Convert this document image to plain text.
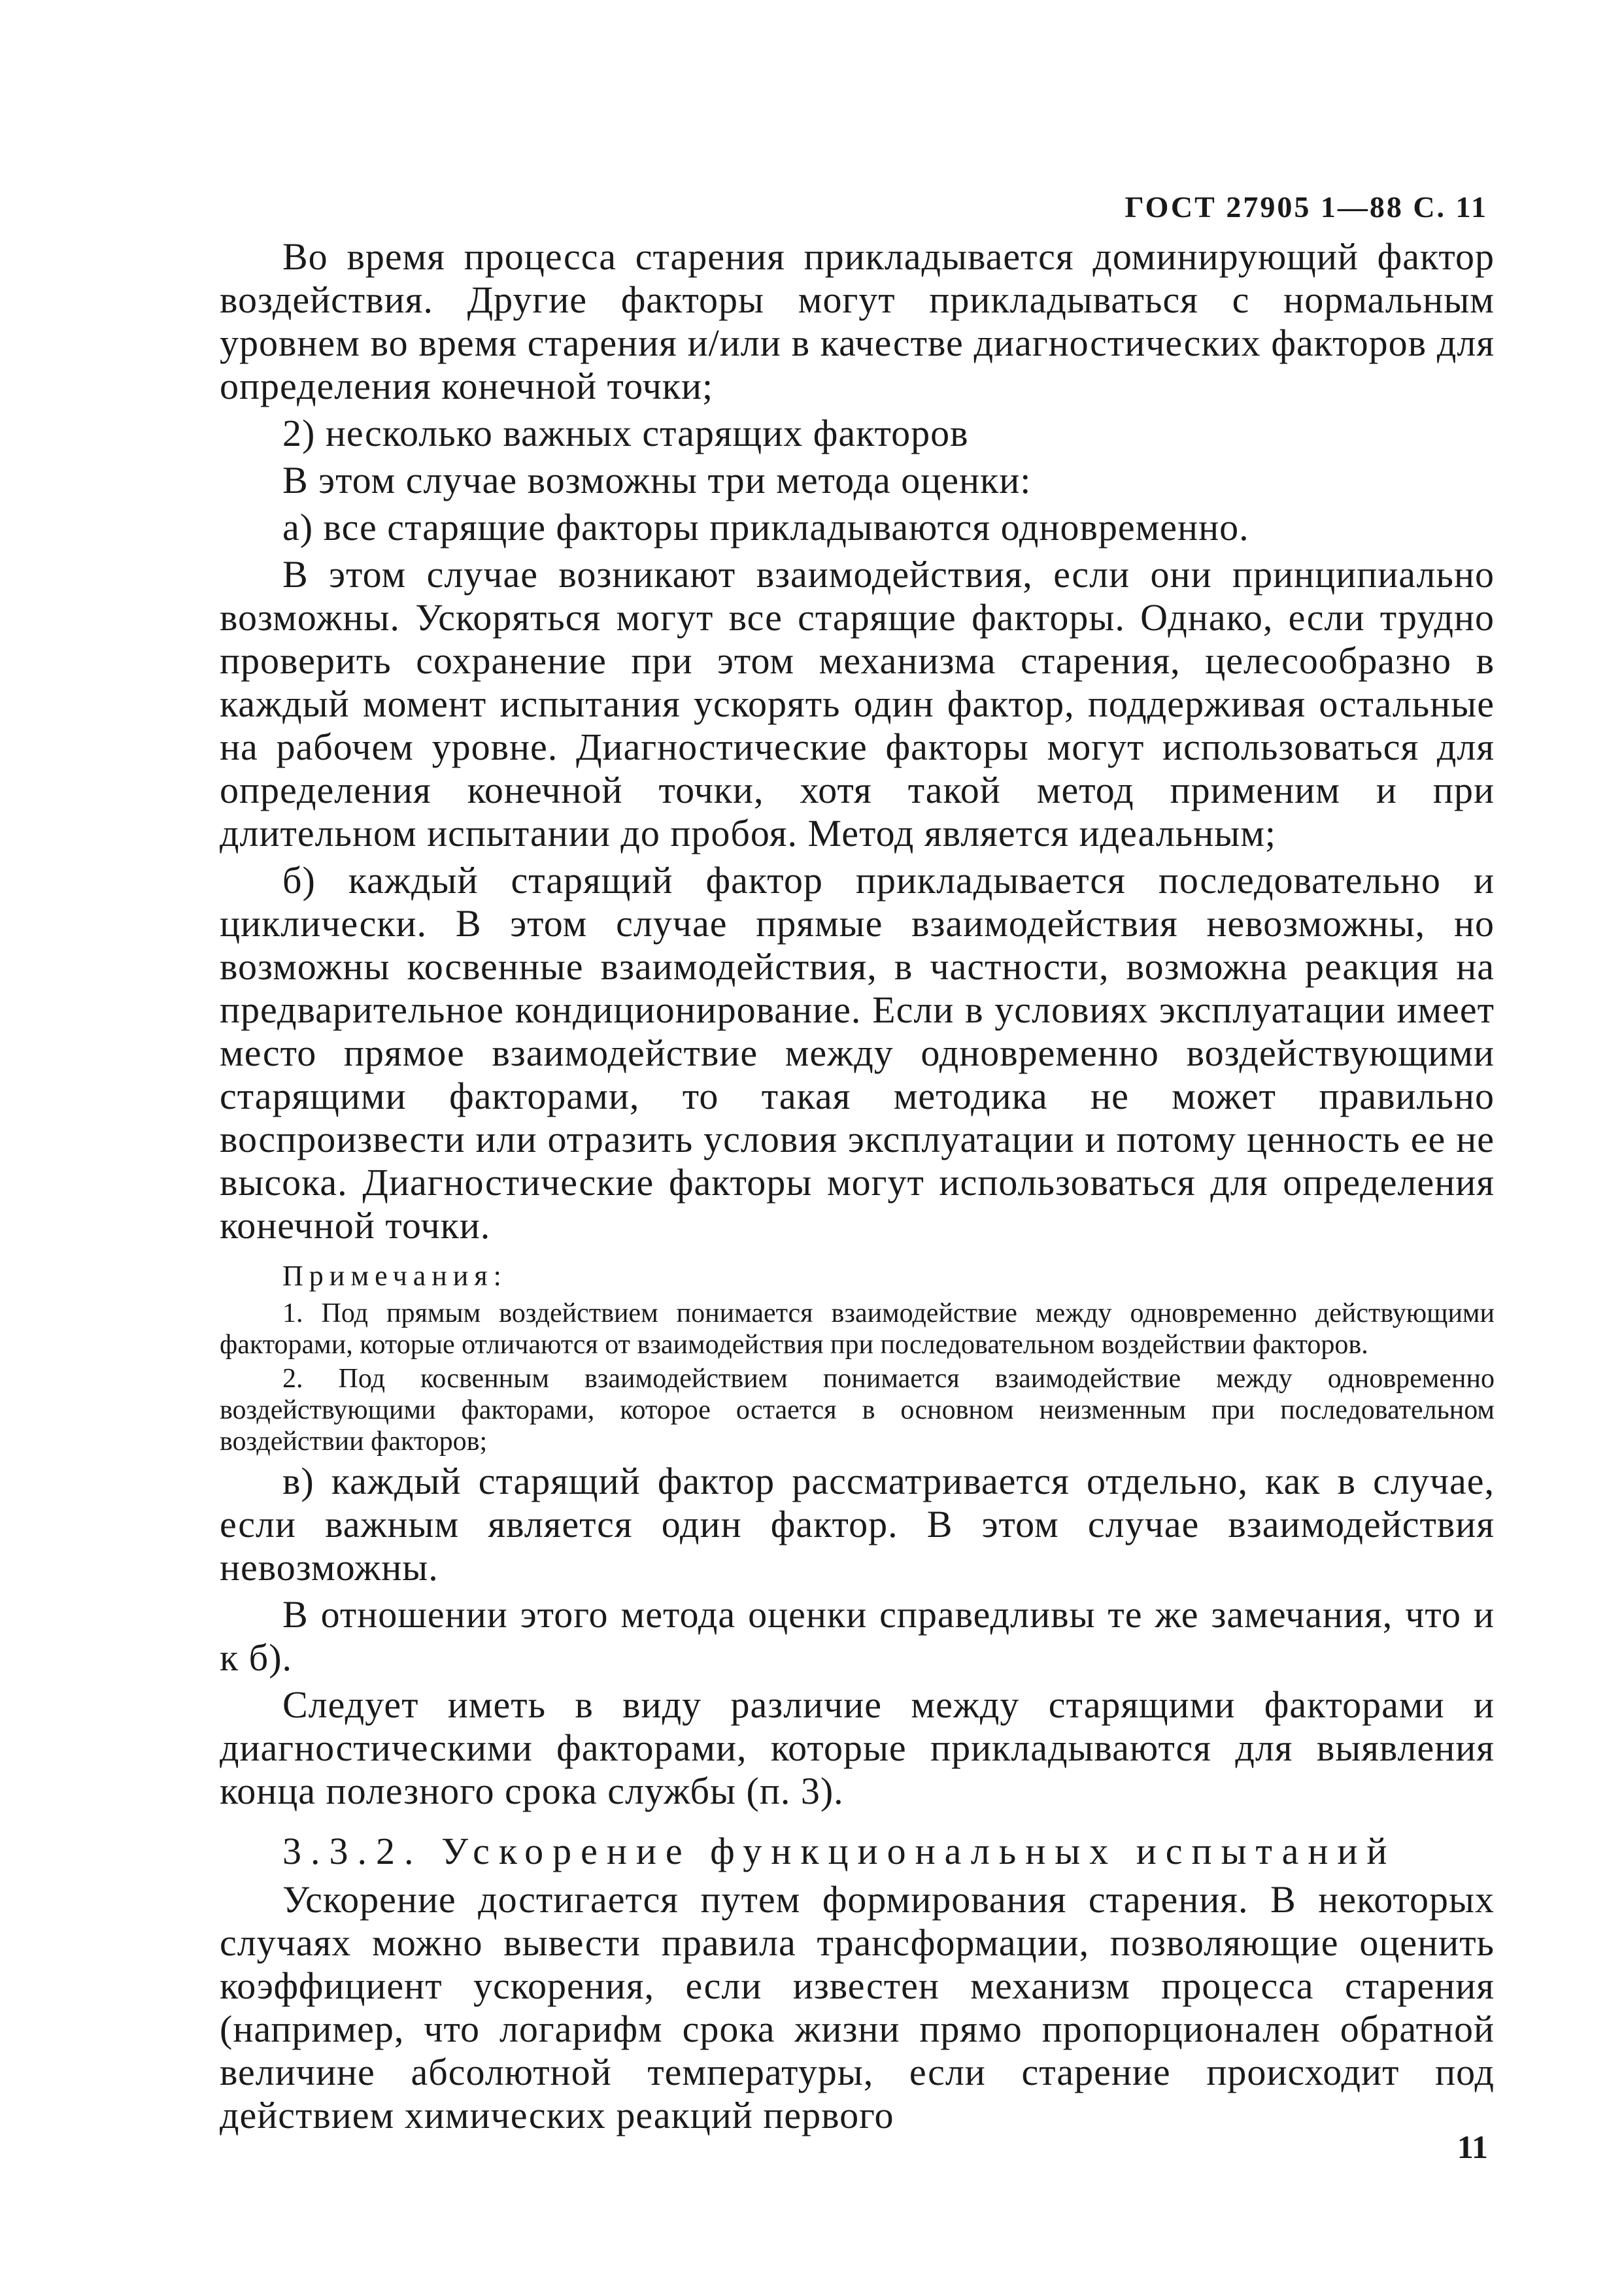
ГОСТ 27905 1—88 С. 11

Во время процесса старения прикладывается доминирующий фактор воздействия. Другие факторы могут прикладываться с нормальным уровнем во время старения и/или в качестве диагностических факторов для определения конечной точки;

2) несколько важных старящих факторов

В этом случае возможны три метода оценки:

а) все старящие факторы прикладываются одновременно.

В этом случае возникают взаимодействия, если они принципиально возможны. Ускоряться могут все старящие факторы. Однако, если трудно проверить сохранение при этом механизма старения, целесообразно в каждый момент испытания ускорять один фактор, поддерживая остальные на рабочем уровне. Диагностические факторы могут использоваться для определения конечной точки, хотя такой метод применим и при длительном испытании до пробоя. Метод является идеальным;

б) каждый старящий фактор прикладывается последовательно и циклически. В этом случае прямые взаимодействия невозможны, но возможны косвенные взаимодействия, в частности, возможна реакция на предварительное кондиционирование. Если в условиях эксплуатации имеет место прямое взаимодействие между одновременно воздействующими старящими факторами, то такая методика не может правильно воспроизвести или отразить условия эксплуатации и потому ценность ее не высока. Диагностические факторы могут использоваться для определения конечной точки.

Примечания:

1. Под прямым воздействием понимается взаимодействие между одновременно действующими факторами, которые отличаются от взаимодействия при последовательном воздействии факторов.

2. Под косвенным взаимодействием понимается взаимодействие между одновременно воздействующими факторами, которое остается в основном неизменным при последовательном воздействии факторов;

в) каждый старящий фактор рассматривается отдельно, как в случае, если важным является один фактор. В этом случае взаимодействия невозможны.

В отношении этого метода оценки справедливы те же замечания, что и к б).

Следует иметь в виду различие между старящими факторами и диагностическими факторами, которые прикладываются для выявления конца полезного срока службы (п. 3).

3.3.2. Ускорение функциональных испытаний

Ускорение достигается путем формирования старения. В некоторых случаях можно вывести правила трансформации, позволяющие оценить коэффициент ускорения, если известен механизм процесса старения (например, что логарифм срока жизни прямо пропорционален обратной величине абсолютной температуры, если старение происходит под действием химических реакций первого

11
